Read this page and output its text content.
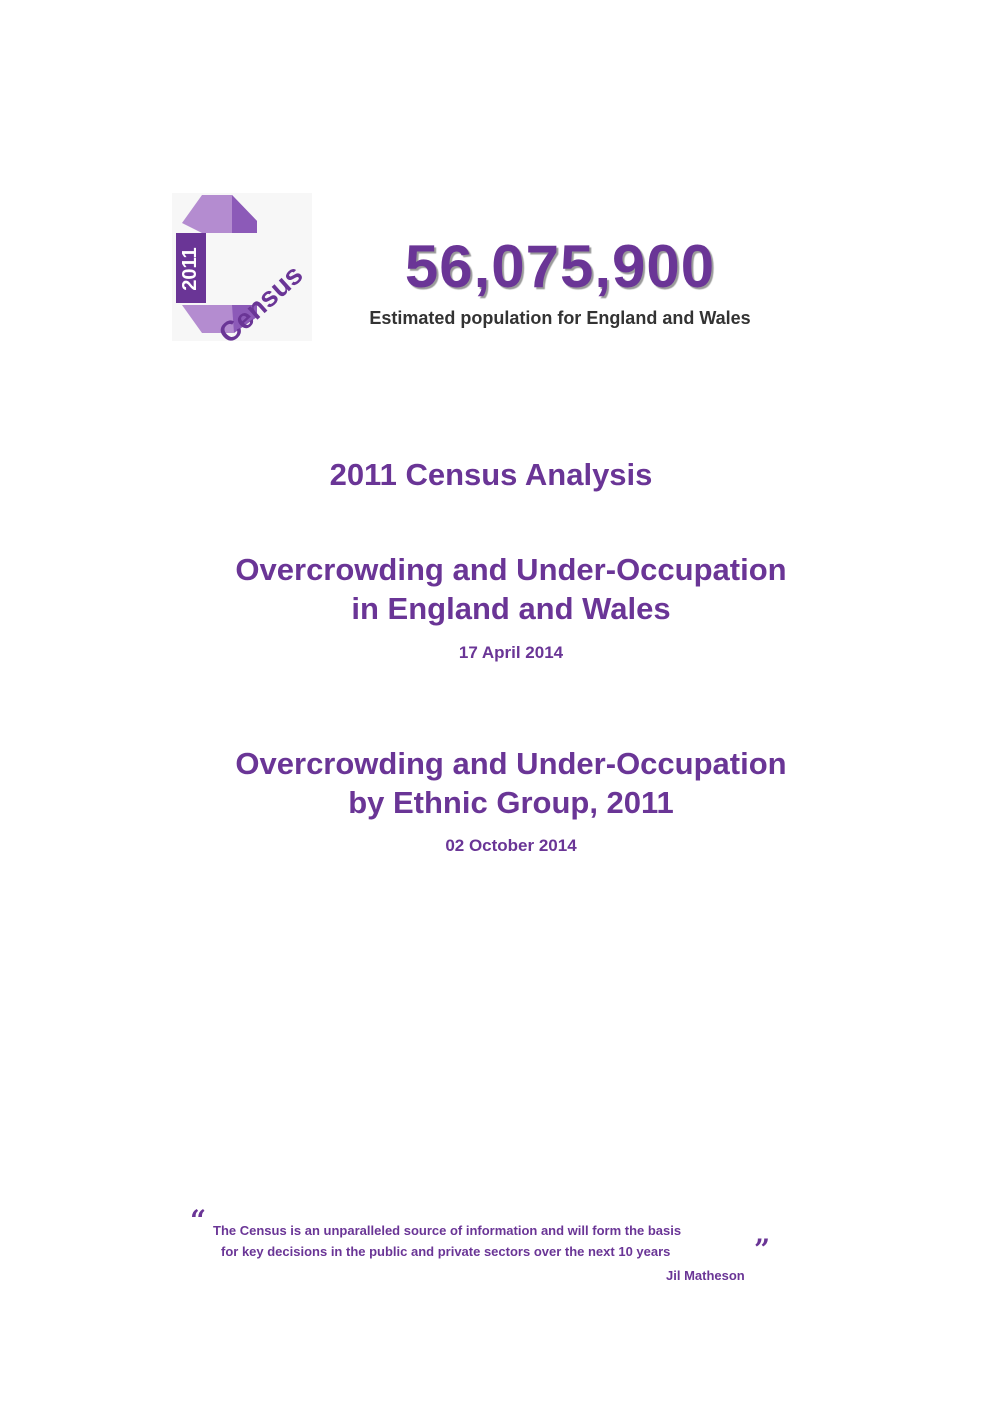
2011 Census	56,075,900
Estimated population for England and Wales
2011 Census Analysis
Overcrowding and Under-Occupation
in England and Wales
17 April 2014
Overcrowding and Under-Occupation
by Ethnic Group, 2011
02 October 2014
“ The Census is an unparalleled source of information and will form the basis
for key decisions in the public and private sectors over the next 10 years	”
Jil Matheson
